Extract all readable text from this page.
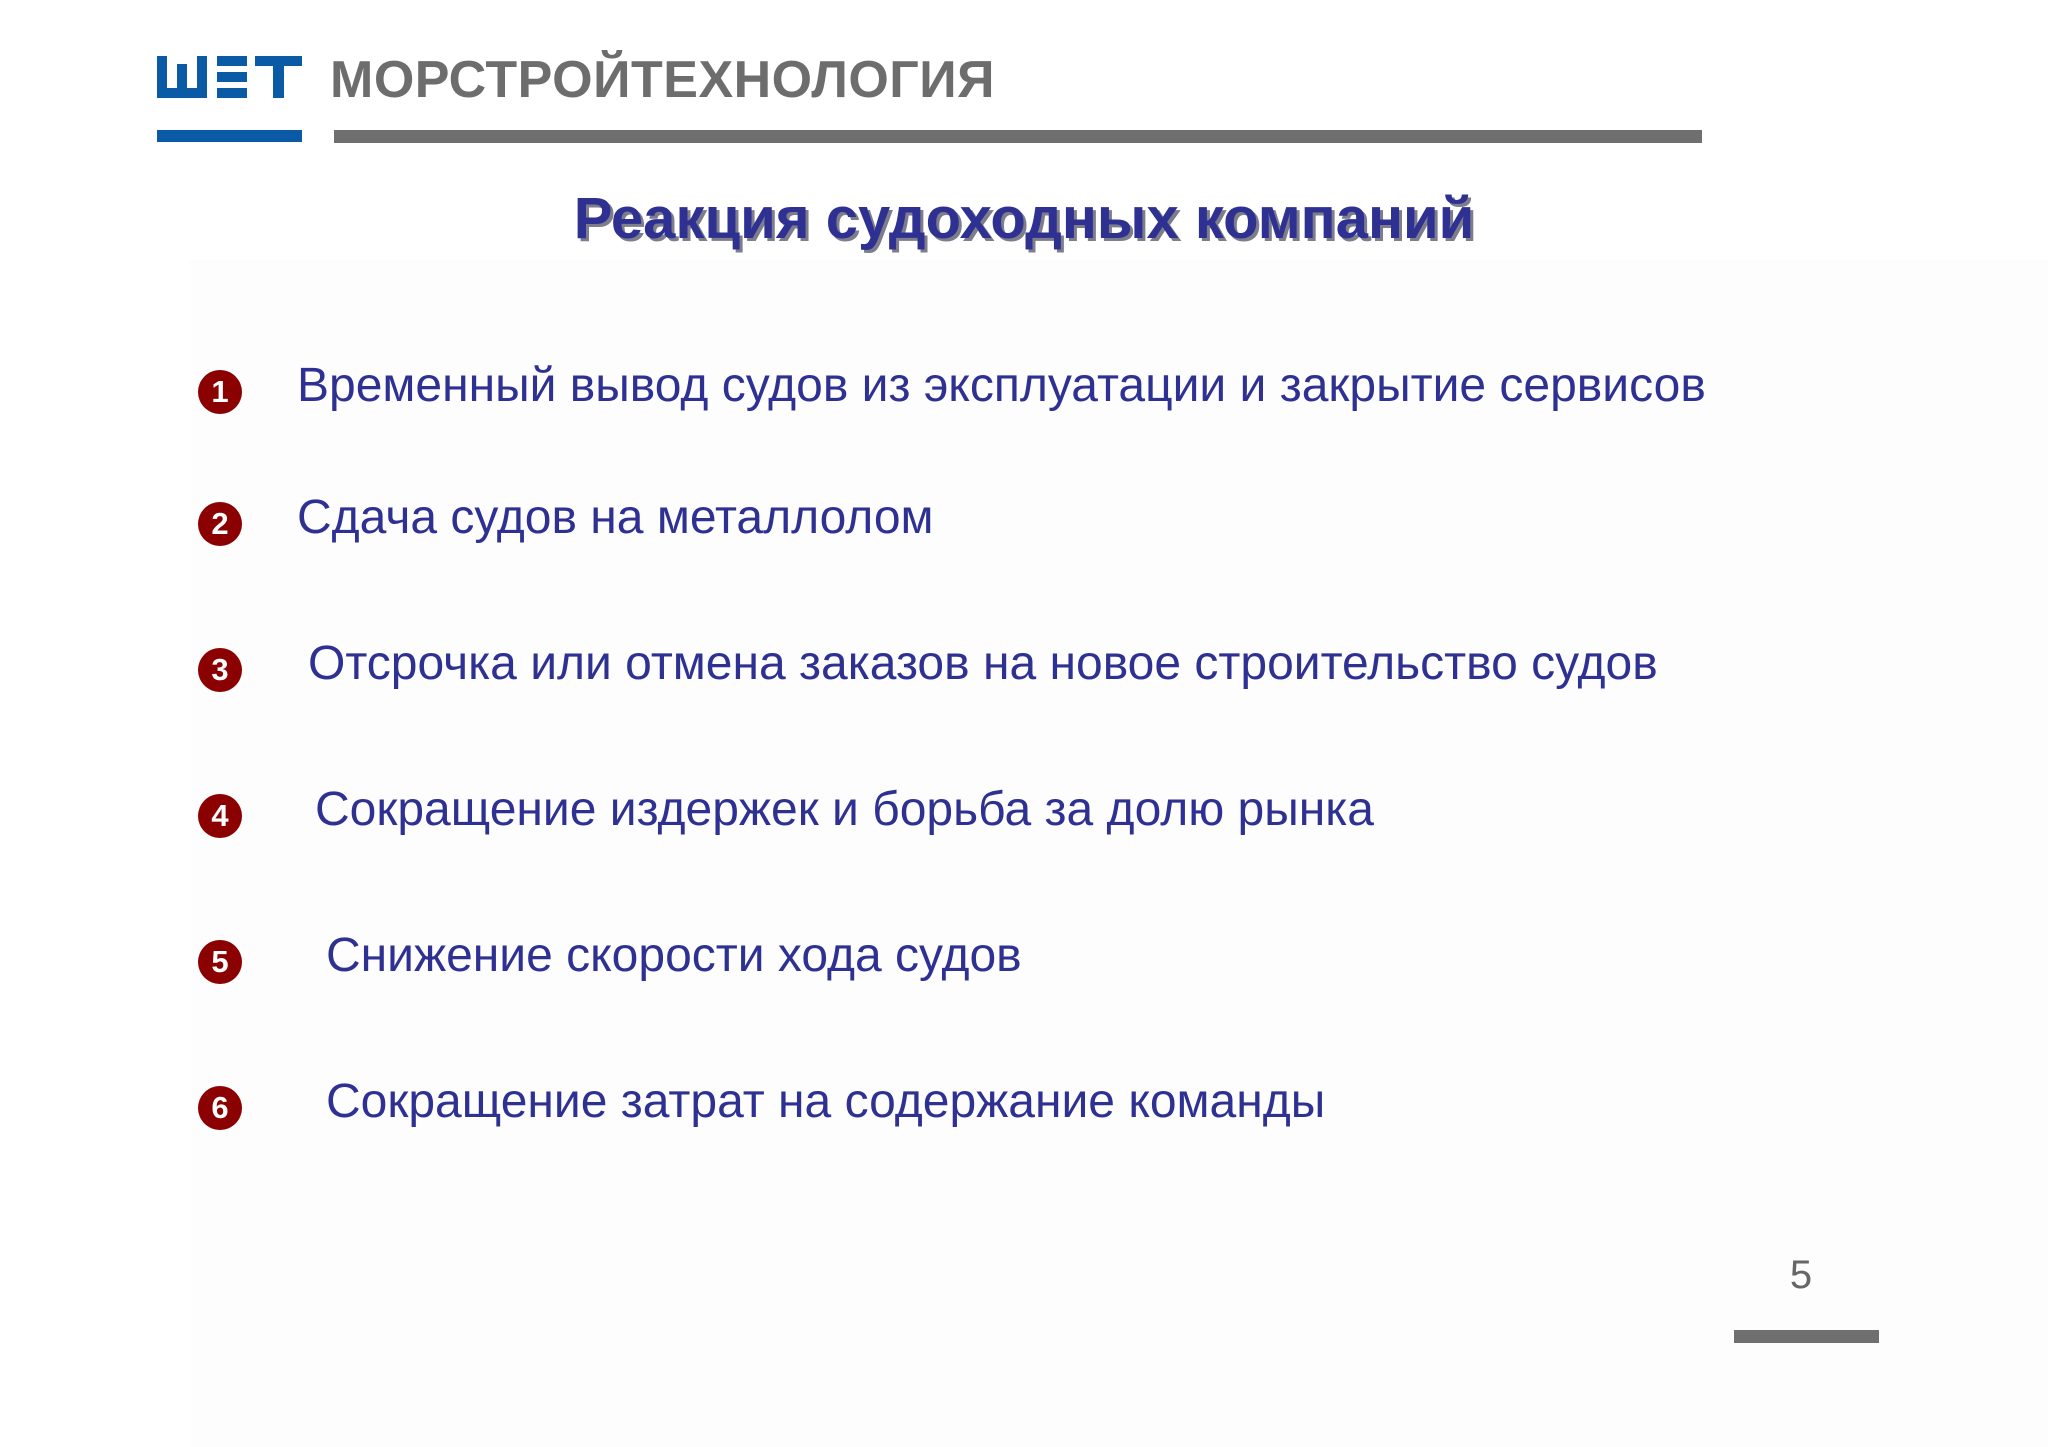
МОРСТРОЙТЕХНОЛОГИЯ
Реакция судоходных компаний
1 Временный вывод судов из эксплуатации и закрытие сервисов
2 Сдача судов на металлолом
3 Отсрочка или отмена заказов на новое строительство судов
4 Сокращение издержек и борьба за долю рынка
5 Снижение скорости хода судов
6 Сокращение затрат на содержание команды
5
